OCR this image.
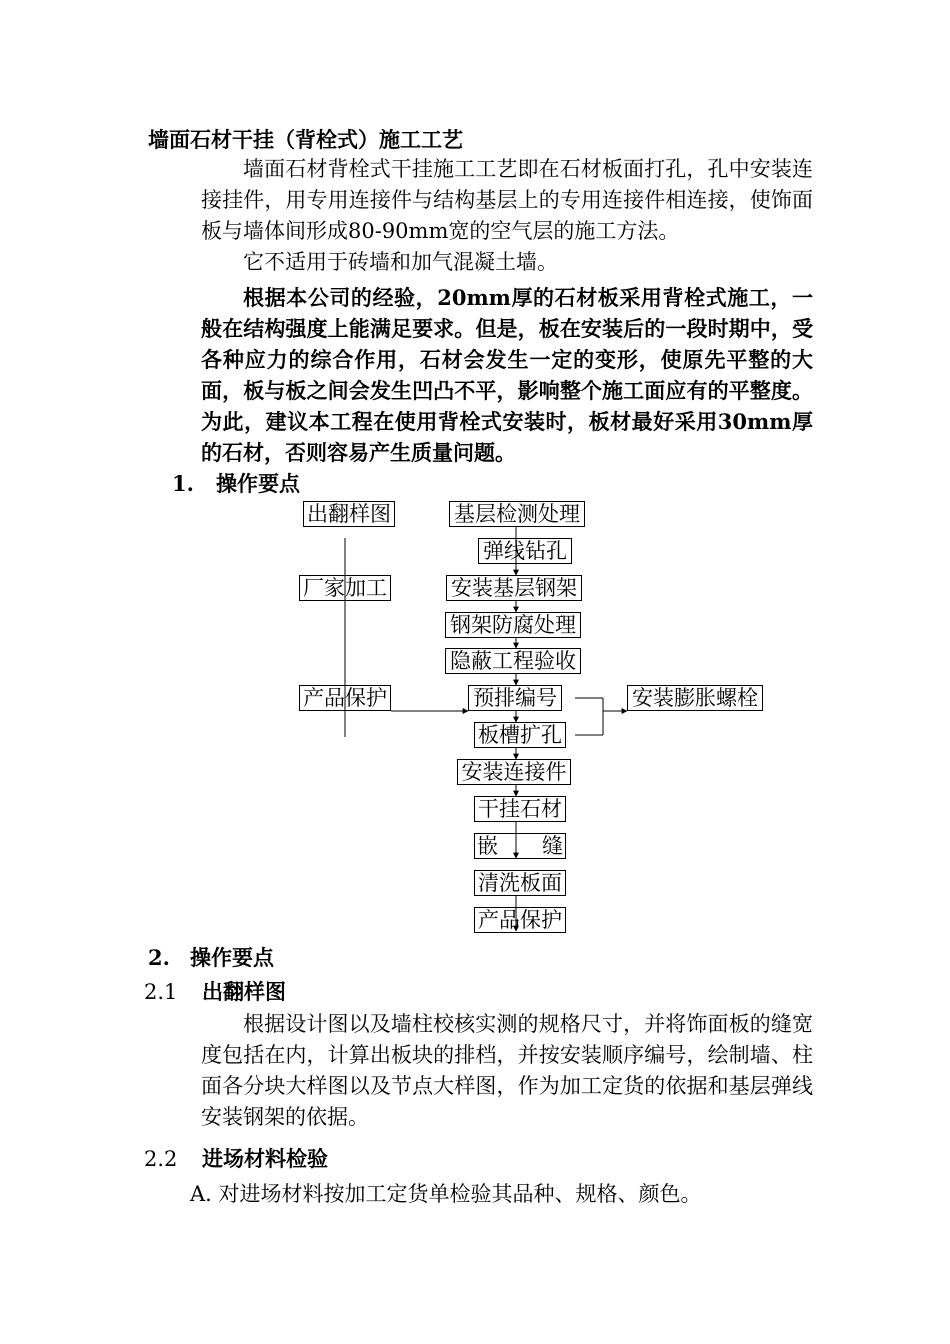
墙面石材干挂（背栓式）施工工艺
墙面石材背栓式干挂施工工艺即在石材板面打孔，孔中安装连接挂件，用专用连接件与结构基层上的专用连接件相连接，使饰面板与墙体间形成80-90mm宽的空气层的施工方法。
它不适用于砖墙和加气混凝土墙。
根据本公司的经验，20mm厚的石材板采用背栓式施工，一般在结构强度上能满足要求。但是，板在安装后的一段时期中，受各种应力的综合作用，石材会发生一定的变形，使原先平整的大面，板与板之间会发生凹凸不平，影响整个施工面应有的平整度。为此，建议本工程在使用背栓式安装时，板材最好采用30mm厚的石材，否则容易产生质量问题。
1. 操作要点
出翻样图
厂家加工
产品保护
基层检测处理
弹线钻孔
安装基层钢架
钢架防腐处理
隐蔽工程验收
预排编号
板槽扩孔
安装连接件
干挂石材
嵌 缝
清洗板面
产品保护
安装膨胀螺栓
2. 操作要点
2.1 出翻样图
根据设计图以及墙柱校核实测的规格尺寸，并将饰面板的缝宽度包括在内，计算出板块的排档，并按安装顺序编号，绘制墙、柱面各分块大样图以及节点大样图，作为加工定货的依据和基层弹线安装钢架的依据。
2.2 进场材料检验
A. 对进场材料按加工定货单检验其品种、规格、颜色。
